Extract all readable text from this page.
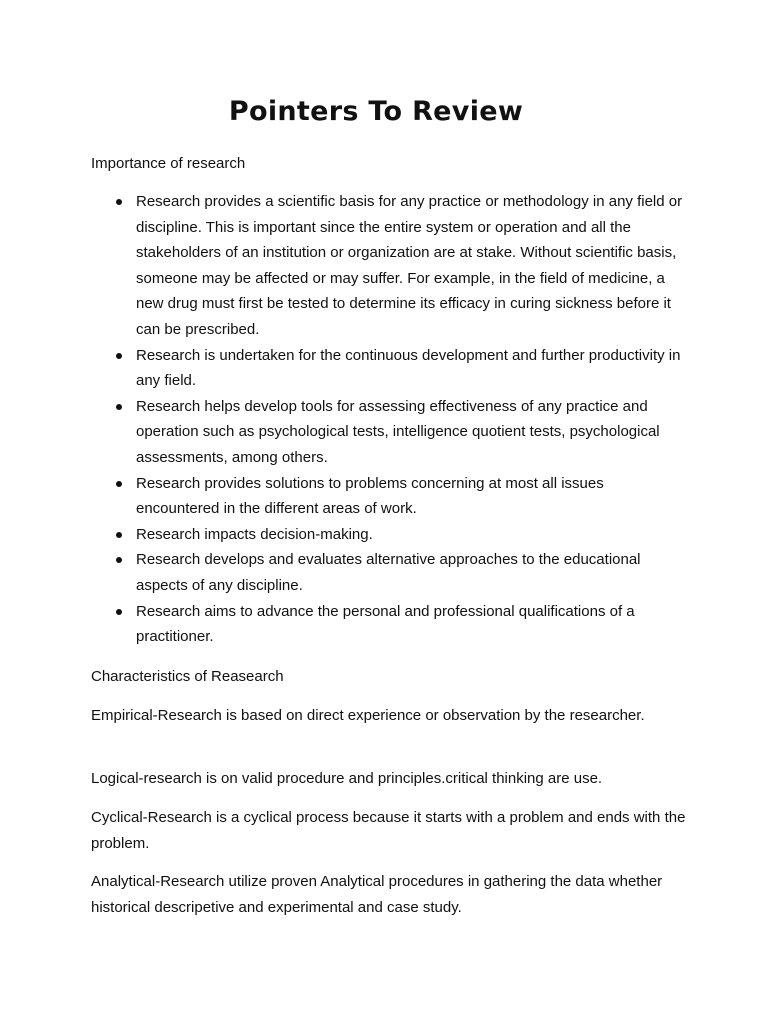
Pointers To Review

Importance of research

Research provides a scientific basis for any practice or methodology in any field or discipline. This is important since the entire system or operation and all the stakeholders of an institution or organization are at stake. Without scientific basis, someone may be affected or may suffer. For example, in the field of medicine, a new drug must first be tested to determine its efficacy in curing sickness before it can be prescribed.
Research is undertaken for the continuous development and further productivity in any field.
Research helps develop tools for assessing effectiveness of any practice and operation such as psychological tests, intelligence quotient tests, psychological assessments, among others.
Research provides solutions to problems concerning at most all issues encountered in the different areas of work.
Research impacts decision-making.
Research develops and evaluates alternative approaches to the educational aspects of any discipline.
Research aims to advance the personal and professional qualifications of a practitioner.

Characteristics of Reasearch

Empirical-Research is based on direct experience or observation by the researcher.

Logical-research is on valid procedure and principles.critical thinking are use.

Cyclical-Research is a cyclical process because it starts with a problem and ends with the problem.

Analytical-Research utilize proven Analytical procedures in gathering the data whether historical descripetive and experimental and case study.
